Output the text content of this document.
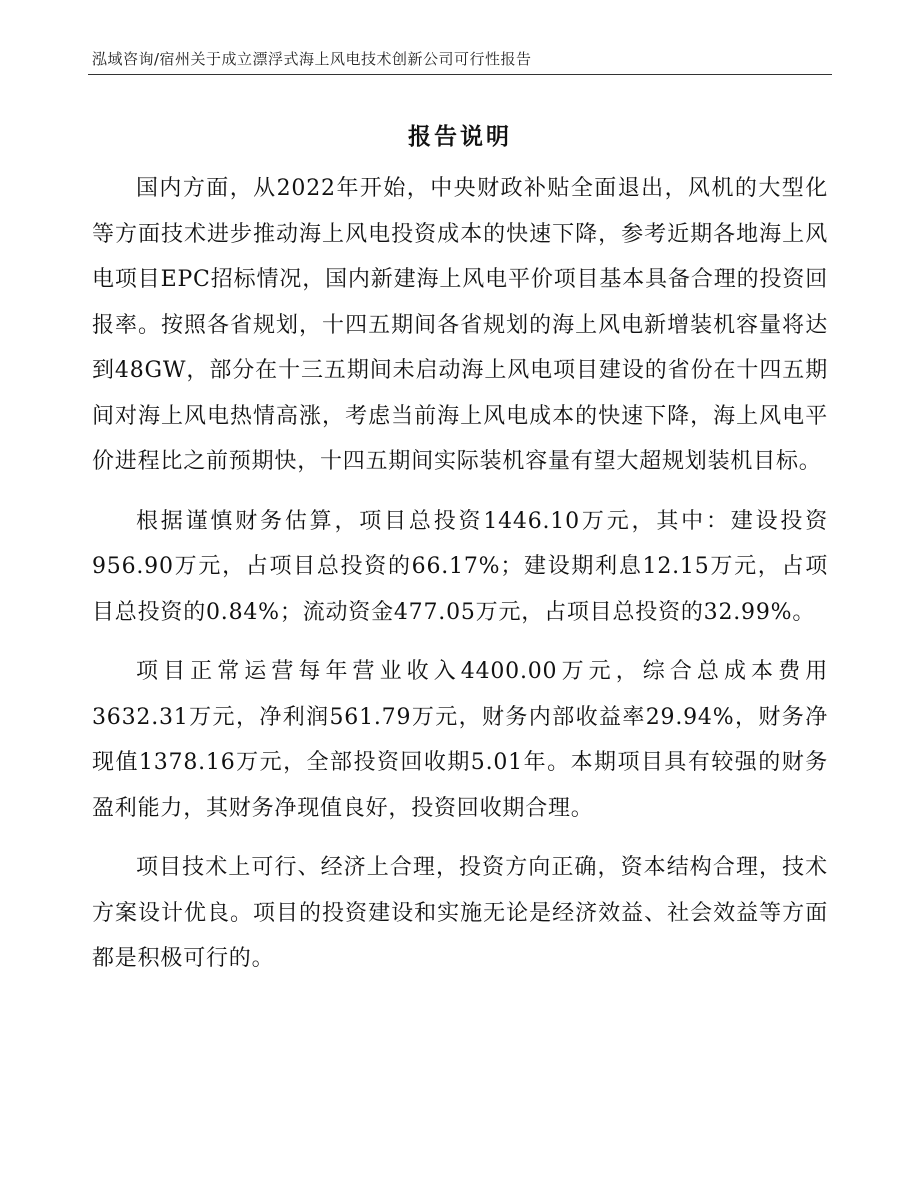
泓域咨询/宿州关于成立漂浮式海上风电技术创新公司可行性报告
报告说明

国内方面，从2022年开始，中央财政补贴全面退出，风机的大型化等方面技术进步推动海上风电投资成本的快速下降，参考近期各地海上风电项目EPC招标情况，国内新建海上风电平价项目基本具备合理的投资回报率。按照各省规划，十四五期间各省规划的海上风电新增装机容量将达到48GW，部分在十三五期间未启动海上风电项目建设的省份在十四五期间对海上风电热情高涨，考虑当前海上风电成本的快速下降，海上风电平价进程比之前预期快，十四五期间实际装机容量有望大超规划装机目标。

根据谨慎财务估算，项目总投资1446.10万元，其中：建设投资956.90万元，占项目总投资的66.17%；建设期利息12.15万元，占项目总投资的0.84%；流动资金477.05万元，占项目总投资的32.99%。

项目正常运营每年营业收入4400.00万元，综合总成本费用3632.31万元，净利润561.79万元，财务内部收益率29.94%，财务净现值1378.16万元，全部投资回收期5.01年。本期项目具有较强的财务盈利能力，其财务净现值良好，投资回收期合理。

项目技术上可行、经济上合理，投资方向正确，资本结构合理，技术方案设计优良。项目的投资建设和实施无论是经济效益、社会效益等方面都是积极可行的。
